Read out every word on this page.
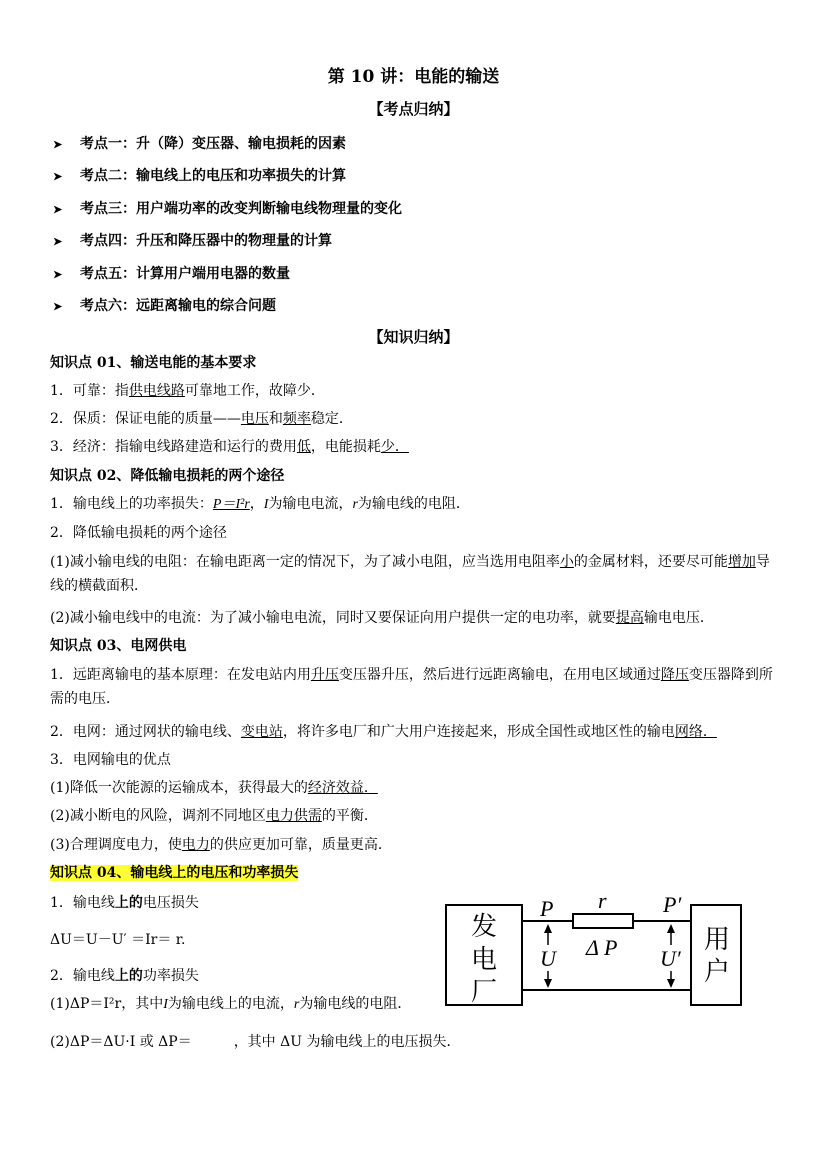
第 10 讲：电能的输送
【考点归纳】
➤ 考点一：升（降）变压器、输电损耗的因素
➤ 考点二：输电线上的电压和功率损失的计算
➤ 考点三：用户端功率的改变判断输电线物理量的变化
➤ 考点四：升压和降压器中的物理量的计算
➤ 考点五：计算用户端用电器的数量
➤ 考点六：远距离输电的综合问题
【知识归纳】
知识点 01、输送电能的基本要求
1．可靠：指供电线路可靠地工作，故障少．
2．保质：保证电能的质量——电压和频率稳定．
3．经济：指输电线路建造和运行的费用低，电能损耗少．
知识点 02、降低输电损耗的两个途径
1．输电线上的功率损失：P＝I²r，I为输电电流，r为输电线的电阻．
2．降低输电损耗的两个途径
(1)减小输电线的电阻：在输电距离一定的情况下，为了减小电阻，应当选用电阻率小的金属材料，还要尽可能增加导线的横截面积．
(2)减小输电线中的电流：为了减小输电电流，同时又要保证向用户提供一定的电功率，就要提高输电电压．
知识点 03、电网供电
1．远距离输电的基本原理：在发电站内用升压变压器升压，然后进行远距离输电，在用电区域通过降压变压器降到所需的电压．
2．电网：通过网状的输电线、变电站，将许多电厂和广大用户连接起来，形成全国性或地区性的输电网络．
3．电网输电的优点
(1)降低一次能源的运输成本，获得最大的经济效益．
(2)减小断电的风险，调剂不同地区电力供需的平衡．
(3)合理调度电力，使电力的供应更加可靠，质量更高．
知识点 04、输电线上的电压和功率损失
1．输电线上的电压损失
ΔU＝U－U′ ＝Ir＝ r.
2．输电线上的功率损失
(1)ΔP＝I²r，其中I为输电线上的电流，r为输电线的电阻．
(2)ΔP＝ΔU·I 或 ΔP＝	，其中 ΔU 为输电线上的电压损失．
发
电
厂
用
户
P r	P′
Δ P
U	U′
